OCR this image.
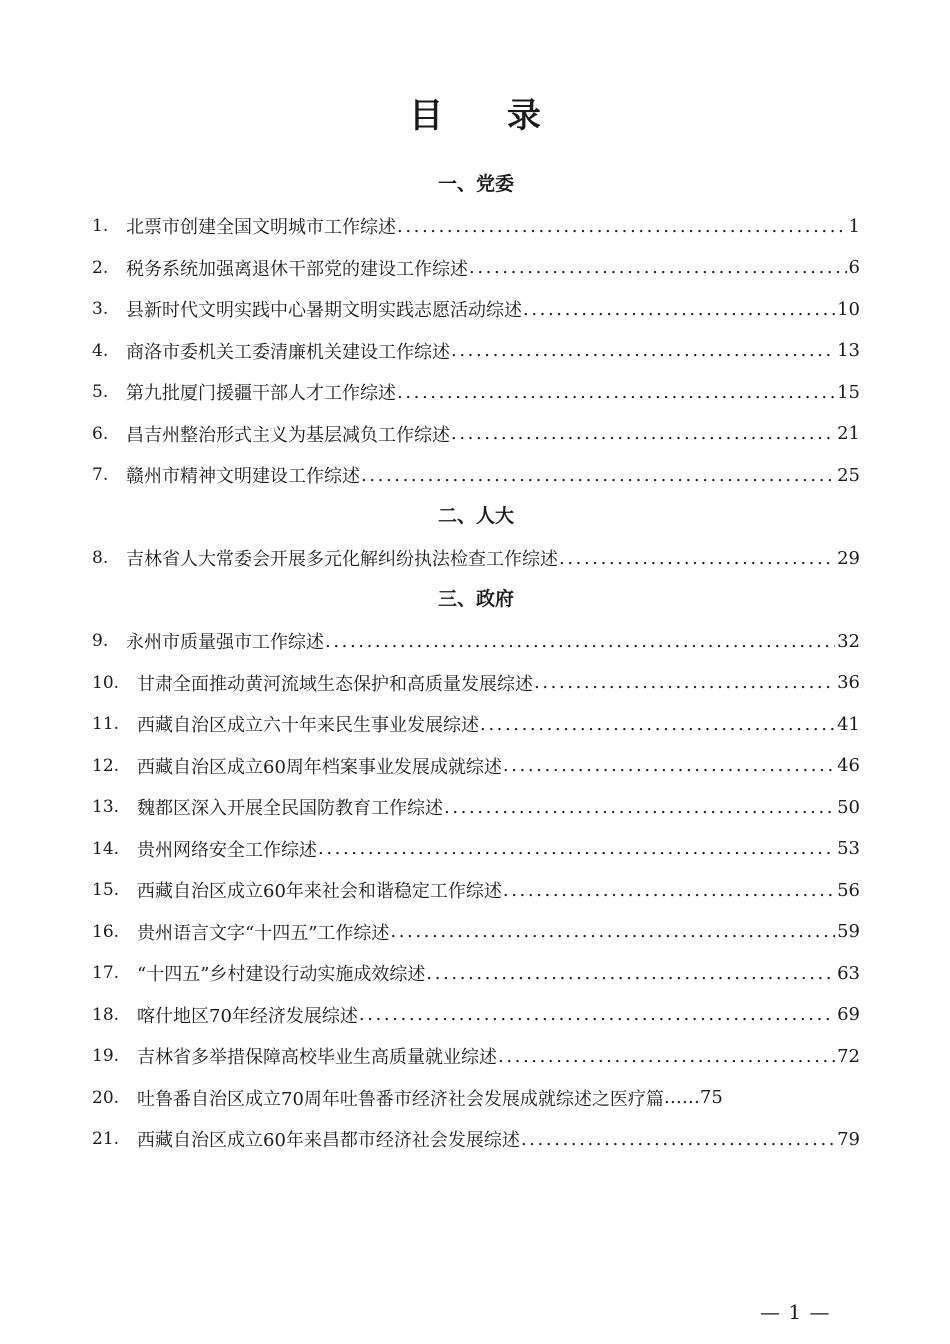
目 录
一、党委
1. 北票市创建全国文明城市工作综述 .....	1
2. 税务系统加强离退休干部党的建设工作综述 .....	6
3. 县新时代文明实践中心暑期文明实践志愿活动综述 .....	10
4. 商洛市委机关工委清廉机关建设工作综述 .....	13
5. 第九批厦门援疆干部人才工作综述 .....	15
6. 昌吉州整治形式主义为基层减负工作综述 .....	21
7. 赣州市精神文明建设工作综述 .....	25
二、人大
8. 吉林省人大常委会开展多元化解纠纷执法检查工作综述 .....	29
三、政府
9. 永州市质量强市工作综述 .....	32
10. 甘肃全面推动黄河流域生态保护和高质量发展综述 .....	36
11. 西藏自治区成立六十年来民生事业发展综述 .....	41
12. 西藏自治区成立60周年档案事业发展成就综述 .....	46
13. 魏都区深入开展全民国防教育工作综述 .....	50
14. 贵州网络安全工作综述 .....	53
15. 西藏自治区成立60年来社会和谐稳定工作综述 .....	56
16. 贵州语言文字“十四五”工作综述 .....	59
17. “十四五”乡村建设行动实施成效综述 .....	63
18. 喀什地区70年经济发展综述 .....	69
19. 吉林省多举措保障高校毕业生高质量就业综述 .....	72
20. 吐鲁番自治区成立70周年吐鲁番市经济社会发展成就综述之医疗篇 …… 75
21. 西藏自治区成立60年来昌都市经济社会发展综述 .....	79
— 1 —
